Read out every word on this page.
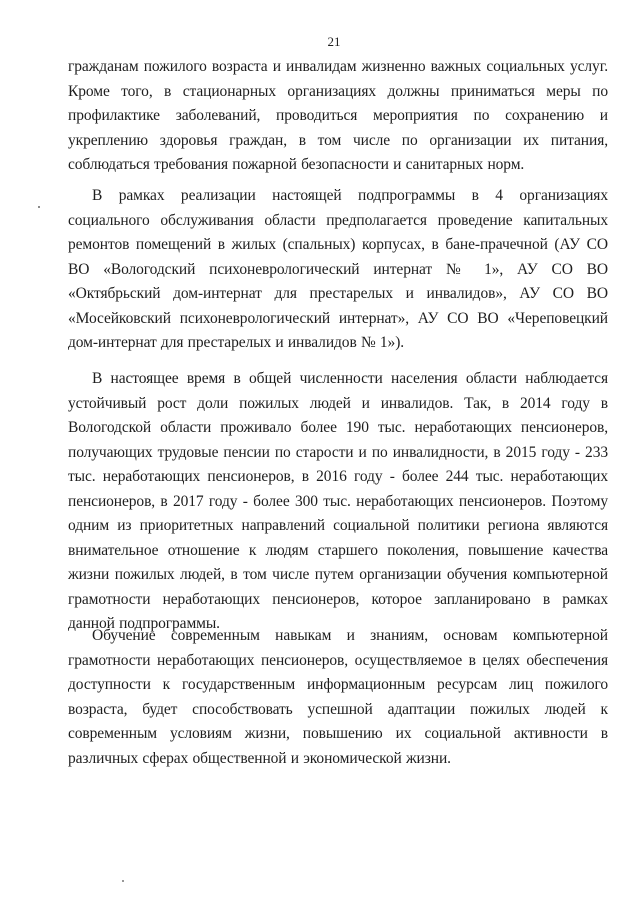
21

гражданам пожилого возраста и инвалидам жизненно важных социальных услуг. Кроме того, в стационарных организациях должны приниматься меры по профилактике заболеваний, проводиться мероприятия по сохранению и укреплению здоровья граждан, в том числе по организации их питания, соблюдаться требования пожарной безопасности и санитарных норм.

В рамках реализации настоящей подпрограммы в 4 организациях социального обслуживания области предполагается проведение капитальных ремонтов помещений в жилых (спальных) корпусах, в бане-прачечной (АУ СО ВО «Вологодский психоневрологический интернат № 1», АУ СО ВО «Октябрьский дом-интернат для престарелых и инвалидов», АУ СО ВО «Мосейковский психоневрологический интернат», АУ СО ВО «Череповецкий дом-интернат для престарелых и инвалидов № 1»).

В настоящее время в общей численности населения области наблюдается устойчивый рост доли пожилых людей и инвалидов. Так, в 2014 году в Вологодской области проживало более 190 тыс. неработающих пенсионеров, получающих трудовые пенсии по старости и по инвалидности, в 2015 году - 233 тыс. неработающих пенсионеров, в 2016 году - более 244 тыс. неработающих пенсионеров, в 2017 году - более 300 тыс. неработающих пенсионеров. Поэтому одним из приоритетных направлений социальной политики региона являются внимательное отношение к людям старшего поколения, повышение качества жизни пожилых людей, в том числе путем организации обучения компьютерной грамотности неработающих пенсионеров, которое запланировано в рамках данной подпрограммы.

Обучение современным навыкам и знаниям, основам компьютерной грамотности неработающих пенсионеров, осуществляемое в целях обеспечения доступности к государственным информационным ресурсам лиц пожилого возраста, будет способствовать успешной адаптации пожилых людей к современным условиям жизни, повышению их социальной активности в различных сферах общественной и экономической жизни.
